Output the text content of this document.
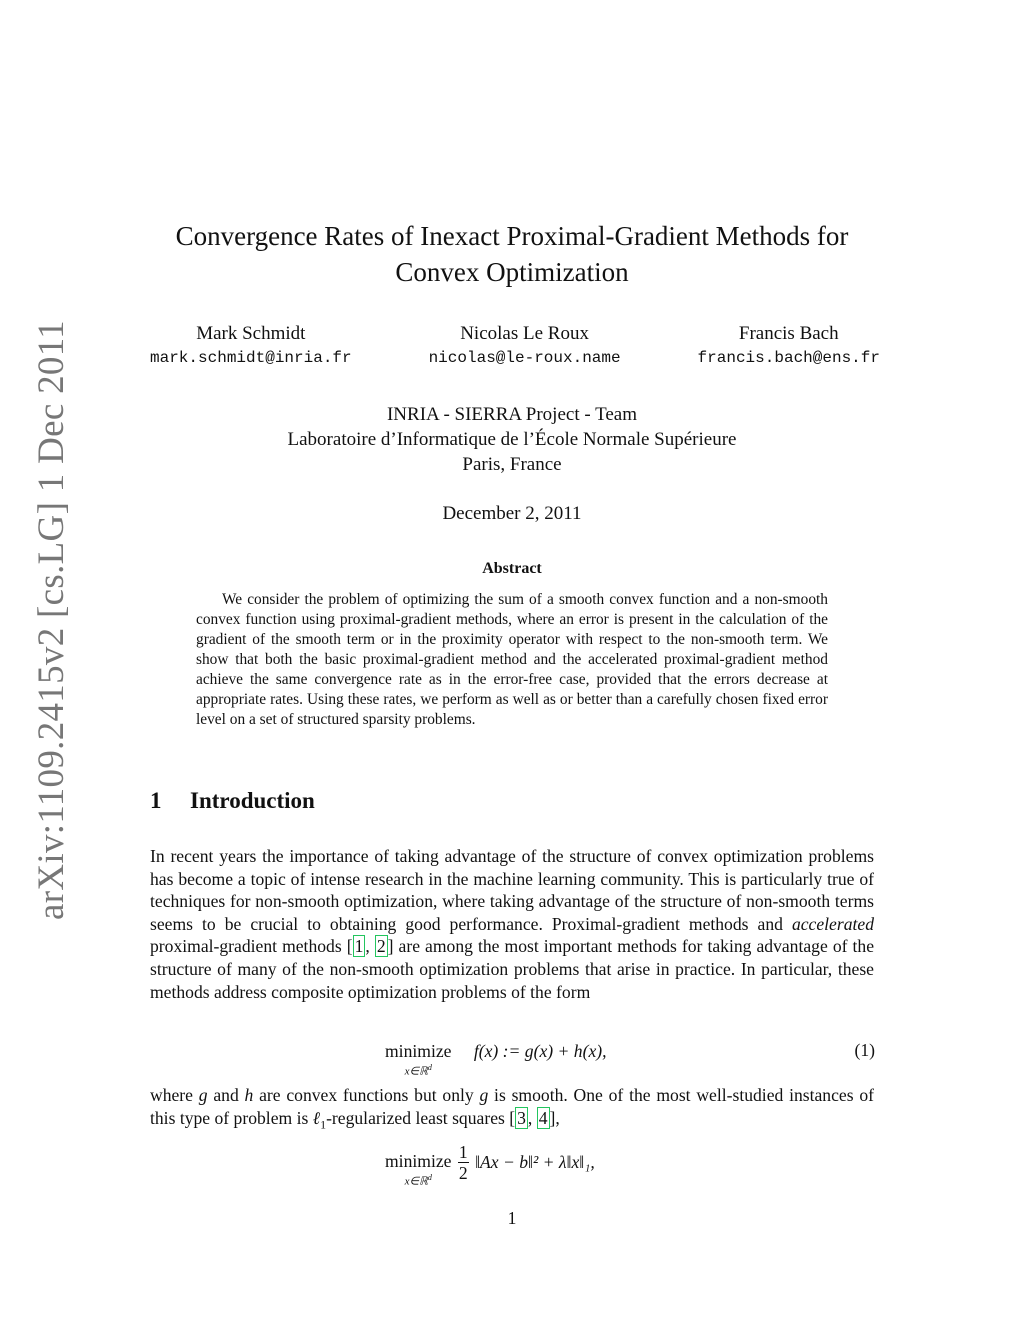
arXiv:1109.2415v2 [cs.LG] 1 Dec 2011
Convergence Rates of Inexact Proximal-Gradient Methods for
Convex Optimization
Mark Schmidt
mark.schmidt@inria.fr
Nicolas Le Roux
nicolas@le-roux.name
Francis Bach
francis.bach@ens.fr
INRIA - SIERRA Project - Team
Laboratoire d’Informatique de l’École Normale Supérieure
Paris, France
December 2, 2011
Abstract
We consider the problem of optimizing the sum of a smooth convex function and a non-smooth convex function using proximal-gradient methods, where an error is present in the calculation of the gradient of the smooth term or in the proximity operator with respect to the non-smooth term. We show that both the basic proximal-gradient method and the accelerated proximal-gradient method achieve the same convergence rate as in the error-free case, provided that the errors decrease at appropriate rates. Using these rates, we perform as well as or better than a carefully chosen fixed error level on a set of structured sparsity problems.
1 Introduction
In recent years the importance of taking advantage of the structure of convex optimization problems has become a topic of intense research in the machine learning community. This is particularly true of techniques for non-smooth optimization, where taking advantage of the structure of non-smooth terms seems to be crucial to obtaining good performance. Proximal-gradient methods and accelerated proximal-gradient methods [ 1 , 2 ] are among the most important methods for taking advantage of the structure of many of the non-smooth optimization problems that arise in practice. In particular, these methods address composite optimization problems of the form
minimize
x∈ℝ$^d$
f(x) := g(x) + h(x),	(1)
where g and h are convex functions but only g is smooth. One of the most well-studied instances of this type of problem is ℓ$_1$-regularized least squares [ 3 , 4 ],
minimize
x∈ℝ$^d$
	$\frac{1}{2}$ ‖Ax − b‖² + λ‖x‖₁,
1
